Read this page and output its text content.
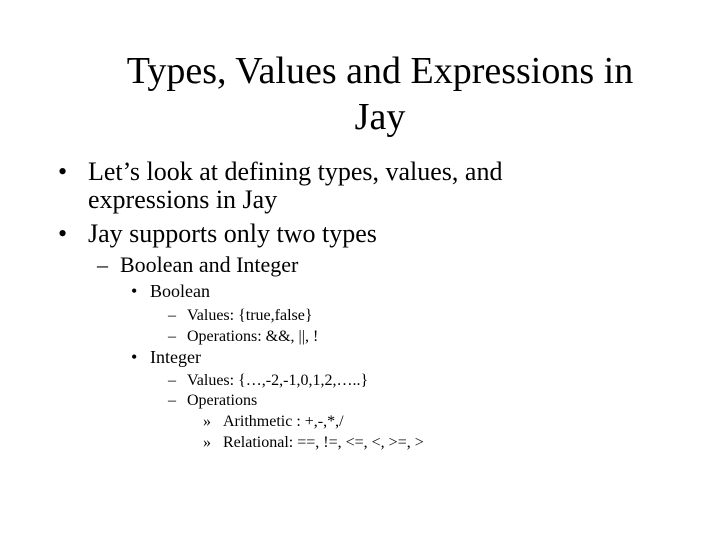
Types, Values and Expressions in
Jay
• Let’s look at defining types, values, and
expressions in Jay
• Jay supports only two types
– Boolean and Integer
• Boolean
– Values: {true,false}
– Operations: &&, ||, !
• Integer
– Values: {…,-2,-1,0,1,2,…..}
– Operations
» Arithmetic : +,-,*,/
» Relational: ==, !=, <=, <, >=, >
